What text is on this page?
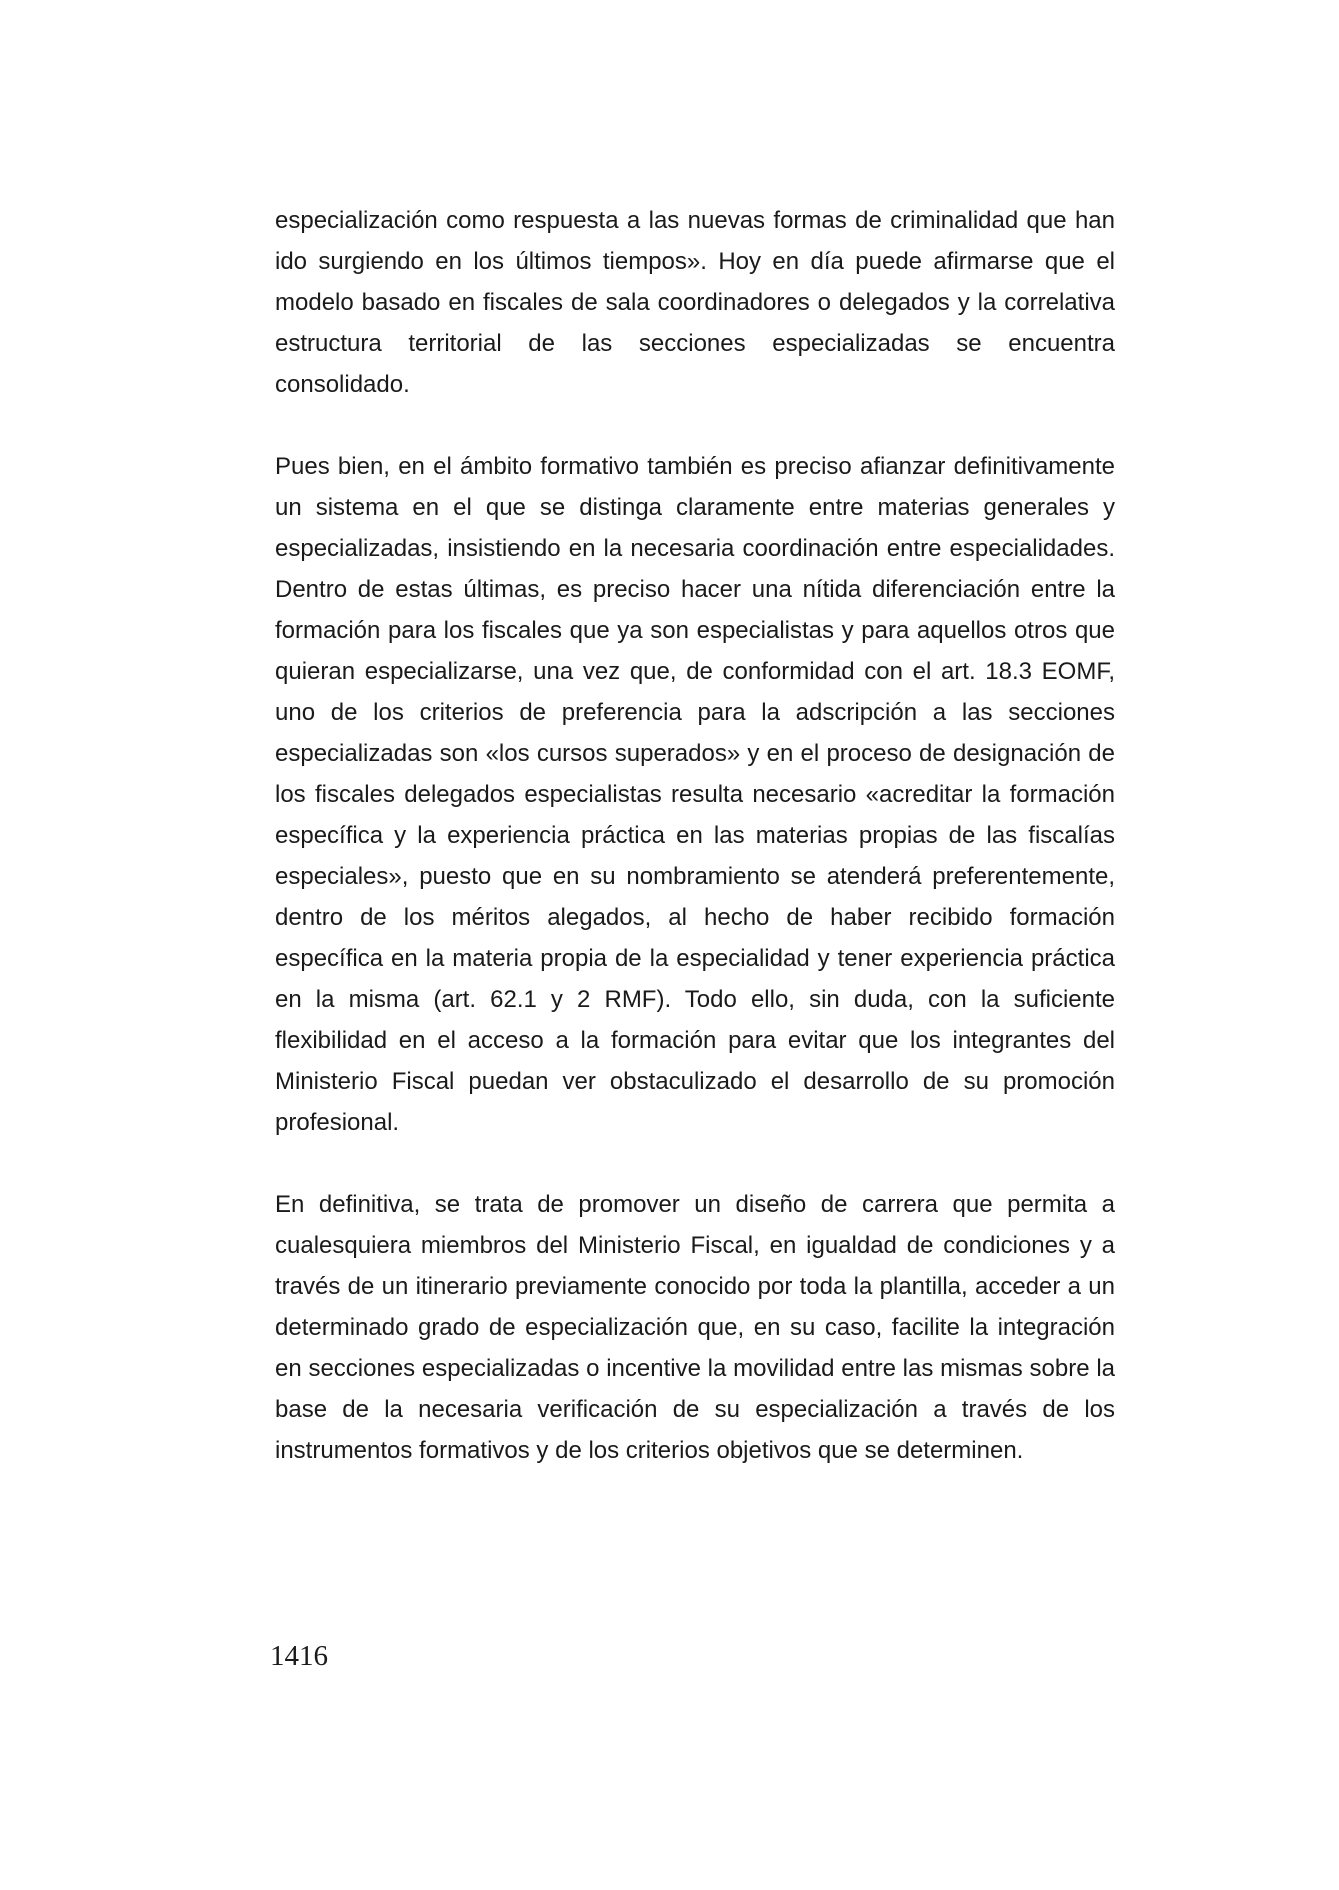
especialización como respuesta a las nuevas formas de criminalidad que han ido surgiendo en los últimos tiempos». Hoy en día puede afirmarse que el modelo basado en fiscales de sala coordinadores o delegados y la correlativa estructura territorial de las secciones especializadas se encuentra consolidado.

Pues bien, en el ámbito formativo también es preciso afianzar definitivamente un sistema en el que se distinga claramente entre materias generales y especializadas, insistiendo en la necesaria coordinación entre especialidades. Dentro de estas últimas, es preciso hacer una nítida diferenciación entre la formación para los fiscales que ya son especialistas y para aquellos otros que quieran especializarse, una vez que, de conformidad con el art. 18.3 EOMF, uno de los criterios de preferencia para la adscripción a las secciones especializadas son «los cursos superados» y en el proceso de designación de los fiscales delegados especialistas resulta necesario «acreditar la formación específica y la experiencia práctica en las materias propias de las fiscalías especiales», puesto que en su nombramiento se atenderá preferentemente, dentro de los méritos alegados, al hecho de haber recibido formación específica en la materia propia de la especialidad y tener experiencia práctica en la misma (art. 62.1 y 2 RMF). Todo ello, sin duda, con la suficiente flexibilidad en el acceso a la formación para evitar que los integrantes del Ministerio Fiscal puedan ver obstaculizado el desarrollo de su promoción profesional.

En definitiva, se trata de promover un diseño de carrera que permita a cualesquiera miembros del Ministerio Fiscal, en igualdad de condiciones y a través de un itinerario previamente conocido por toda la plantilla, acceder a un determinado grado de especialización que, en su caso, facilite la integración en secciones especializadas o incentive la movilidad entre las mismas sobre la base de la necesaria verificación de su especialización a través de los instrumentos formativos y de los criterios objetivos que se determinen.

1416
